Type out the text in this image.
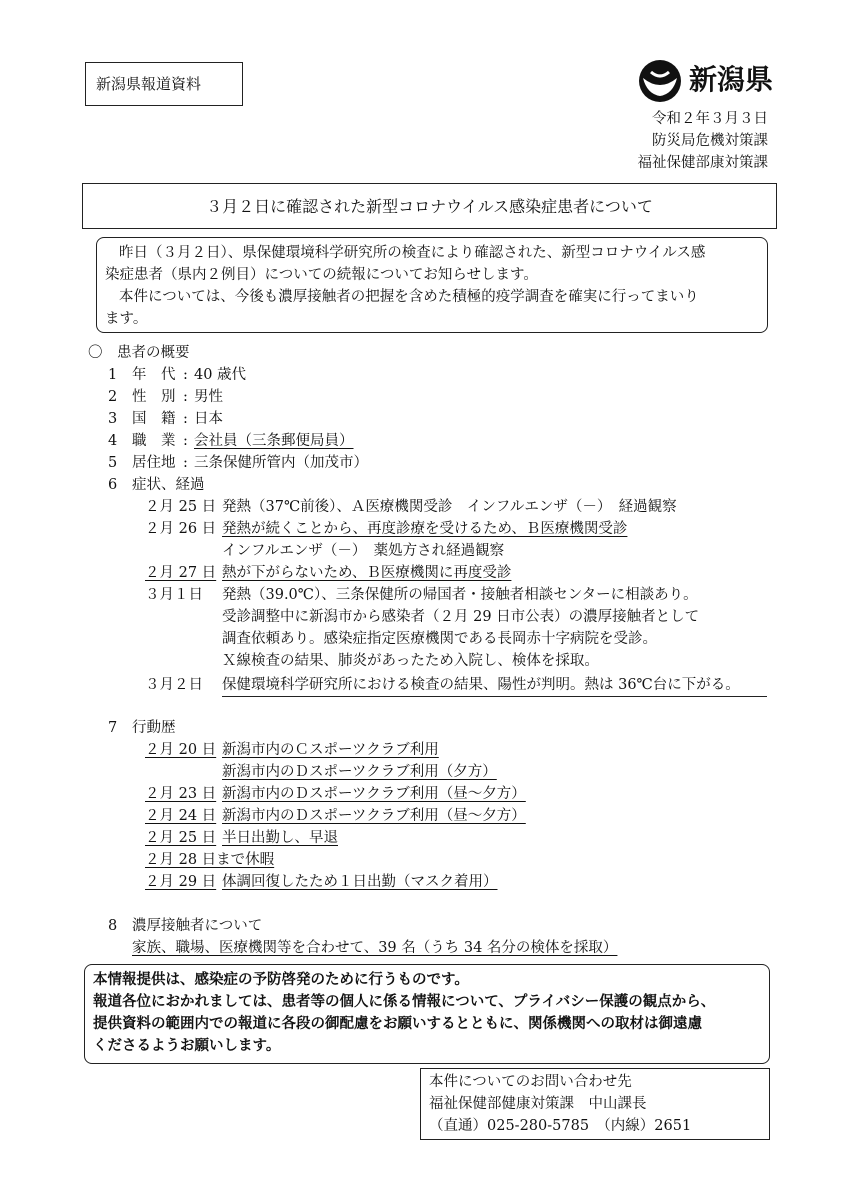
新潟県報道資料	新潟県
令和２年３月３日
防災局危機対策課
福祉保健部康対策課
３月２日に確認された新型コロナウイルス感染症患者について
昨日（３月２日）、県保健環境科学研究所の検査により確認された、新型コロナウイルス感
染症患者（県内２例目）についての続報についてお知らせします。
本件については、今後も濃厚接触者の把握を含めた積極的疫学調査を確実に行ってまいり
ます。
〇　患者の概要
1 年　代 : 40 歳代
2 性　別 : 男性
3 国　籍 : 日本
4 職　業 : 会社員（三条郵便局員）
5 居住地 : 三条保健所管内（加茂市）
6 症状、経過
２月 25 日 発熱（37℃前後）、Ａ医療機関受診　インフルエンザ（－）　経過観察
２月 26 日 発熱が続くことから、再度診療を受けるため、Ｂ医療機関受診
インフルエンザ（－）　薬処方され経過観察
２月 27 日 熱が下がらないため、Ｂ医療機関に再度受診
３月１日 発熱（39.0℃）、三条保健所の帰国者・接触者相談センターに相談あり。
受診調整中に新潟市から感染者（２月 29 日市公表）の濃厚接触者として
調査依頼あり。感染症指定医療機関である長岡赤十字病院を受診。
Ｘ線検査の結果、肺炎があったため入院し、検体を採取。
３月２日 保健環境科学研究所における検査の結果、陽性が判明。熱は 36℃台に下がる。
7 行動歴
２月 20 日 新潟市内のＣスポーツクラブ利用
新潟市内のＤスポーツクラブ利用（夕方）
２月 23 日 新潟市内のＤスポーツクラブ利用（昼～夕方）
２月 24 日 新潟市内のＤスポーツクラブ利用（昼～夕方）
２月 25 日 半日出勤し、早退
２月 28 日まで休暇
２月 29 日 体調回復したため１日出勤（マスク着用）
8 濃厚接触者について
家族、職場、医療機関等を合わせて、39 名（うち 34 名分の検体を採取）
本情報提供は、感染症の予防啓発のために行うものです。
報道各位におかれましては、患者等の個人に係る情報について、プライバシー保護の観点から、
提供資料の範囲内での報道に各段の御配慮をお願いするとともに、関係機関への取材は御遠慮
くださるようお願いします。
本件についてのお問い合わせ先
福祉保健部健康対策課　中山課長
（直通）025-280-5785　（内線）2651
